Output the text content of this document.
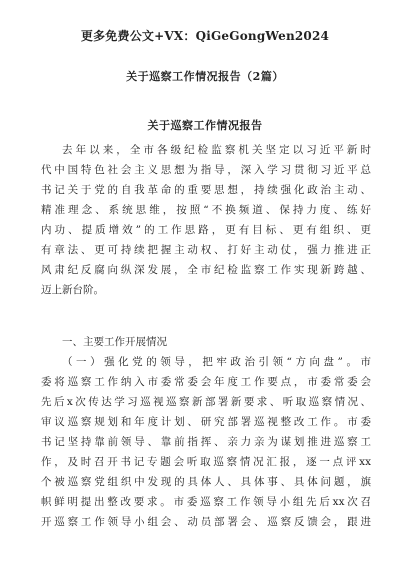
更多免费公文+VX：QiGeGongWen2024
关于巡察工作情况报告（2篇）
关于巡察工作情况报告
去年以来，全市各级纪检监察机关坚定以习近平新时
代中国特色社会主义思想为指导，深入学习贯彻习近平总
书记关于党的自我革命的重要思想，持续强化政治主动、
精准理念、系统思维，按照“不换频道、保持力度、练好
内功、提质增效”的工作思路，更有目标、更有组织、更
有章法、更可持续把握主动权、打好主动仗，强力推进正
风肃纪反腐向纵深发展，全市纪检监察工作实现新跨越、
迈上新台阶。
一、主要工作开展情况
（一）强化党的领导，把牢政治引领“方向盘”。市
委将巡察工作纳入市委常委会年度工作要点，市委常委会
先后x次传达学习巡视巡察新部署新要求、听取巡察情况、
审议巡察规划和年度计划、研究部署巡视整改工作。市委
书记坚持靠前领导、靠前指挥、亲力亲为谋划推进巡察工
作，及时召开书记专题会听取巡察情况汇报，逐一点评xx
个被巡察党组织中发现的具体人、具体事、具体问题，旗
帜鲜明提出整改要求。市委巡察工作领导小组先后xx次召
开巡察工作领导小组会、动员部署会、巡察反馈会，跟进
